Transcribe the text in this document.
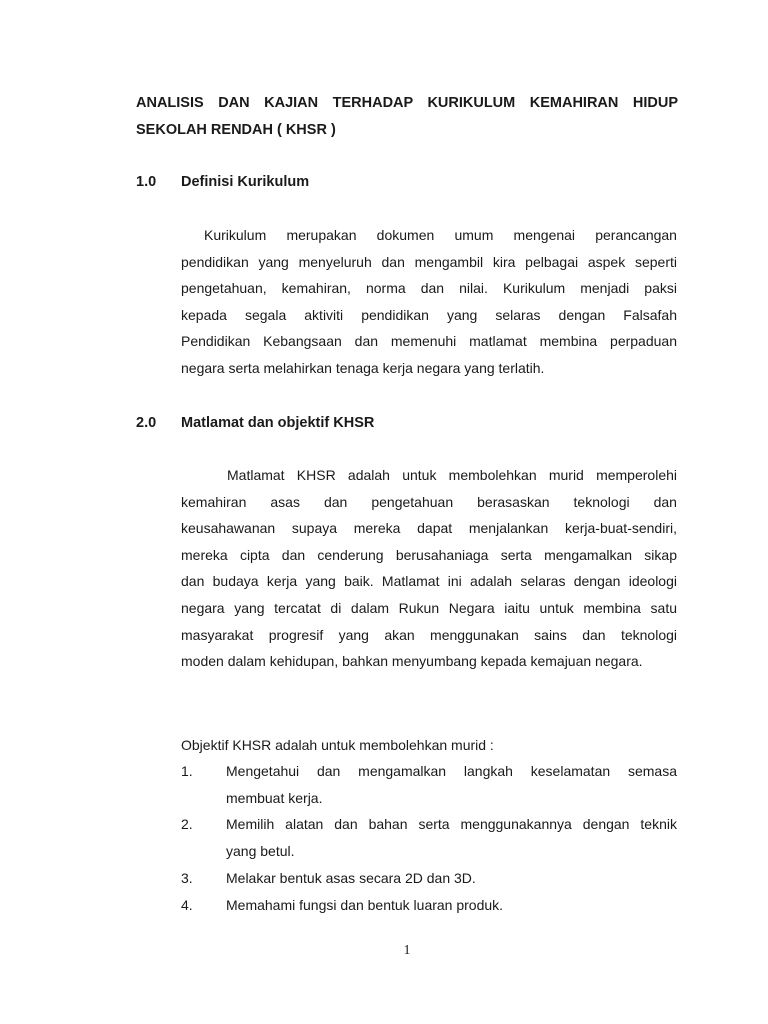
ANALISIS DAN KAJIAN TERHADAP KURIKULUM KEMAHIRAN HIDUP
SEKOLAH RENDAH ( KHSR )
1.0 Definisi Kurikulum
Kurikulum merupakan dokumen umum mengenai perancangan
pendidikan yang menyeluruh dan mengambil kira pelbagai aspek seperti
pengetahuan, kemahiran, norma dan nilai. Kurikulum menjadi paksi
kepada segala aktiviti pendidikan yang selaras dengan Falsafah
Pendidikan Kebangsaan dan memenuhi matlamat membina perpaduan
negara serta melahirkan tenaga kerja negara yang terlatih.
2.0 Matlamat dan objektif KHSR
Matlamat KHSR adalah untuk membolehkan murid memperolehi
kemahiran asas dan pengetahuan berasaskan teknologi dan
keusahawanan supaya mereka dapat menjalankan kerja-buat-sendiri,
mereka cipta dan cenderung berusahaniaga serta mengamalkan sikap
dan budaya kerja yang baik. Matlamat ini adalah selaras dengan ideologi
negara yang tercatat di dalam Rukun Negara iaitu untuk membina satu
masyarakat progresif yang akan menggunakan sains dan teknologi
moden dalam kehidupan, bahkan menyumbang kepada kemajuan negara.
Objektif KHSR adalah untuk membolehkan murid :
1. Mengetahui dan mengamalkan langkah keselamatan semasa
membuat kerja.
2. Memilih alatan dan bahan serta menggunakannya dengan teknik
yang betul.
3. Melakar bentuk asas secara 2D dan 3D.
4. Memahami fungsi dan bentuk luaran produk.
1
